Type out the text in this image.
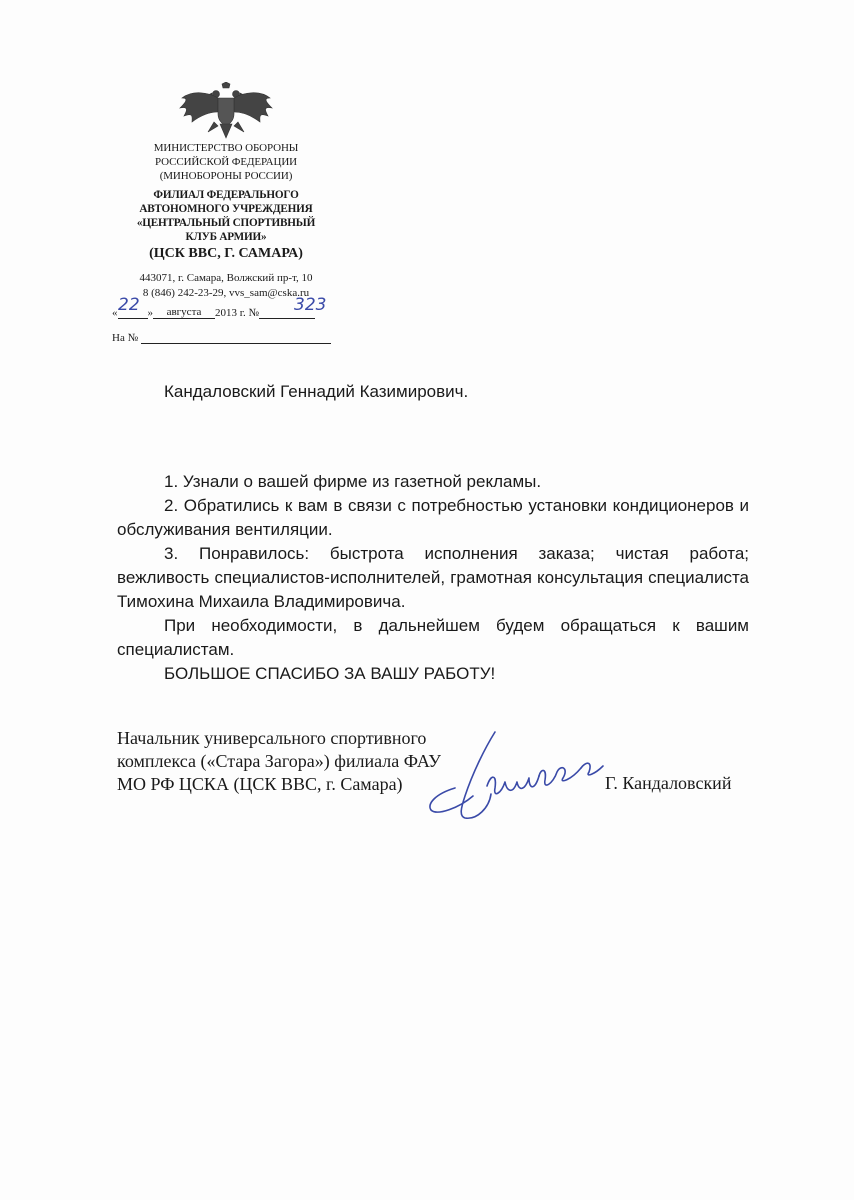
МИНИСТЕРСТВО ОБОРОНЫ
РОССИЙСКОЙ ФЕДЕРАЦИИ
(МИНОБОРОНЫ РОССИИ)
ФИЛИАЛ ФЕДЕРАЛЬНОГО
АВТОНОМНОГО УЧРЕЖДЕНИЯ
«ЦЕНТРАЛЬНЫЙ СПОРТИВНЫЙ
КЛУБ АРМИИ»
(ЦСК ВВС, Г. САМАРА)
443071, г. Самара, Волжский пр-т, 10
8 (846) 242-23-29, vvs_sam@cska.ru
«	» августа 2013 г. №
22	323
На №
Кандаловский Геннадий Казимирович.

1. Узнали о вашей фирме из газетной рекламы.

2. Обратились к вам в связи с потребностью установки кондиционеров и обслуживания вентиляции.

3. Понравилось: быстрота исполнения заказа; чистая работа; вежливость специалистов-исполнителей, грамотная консультация специалиста Тимохина Михаила Владимировича.

При необходимости, в дальнейшем будем обращаться к вашим специалистам.

БОЛЬШОЕ СПАСИБО ЗА ВАШУ РАБОТУ!

Начальник универсального спортивного
комплекса («Стара Загора») филиала ФАУ
МО РФ ЦСКА (ЦСК ВВС, г. Самара)	Г. Кандаловский
